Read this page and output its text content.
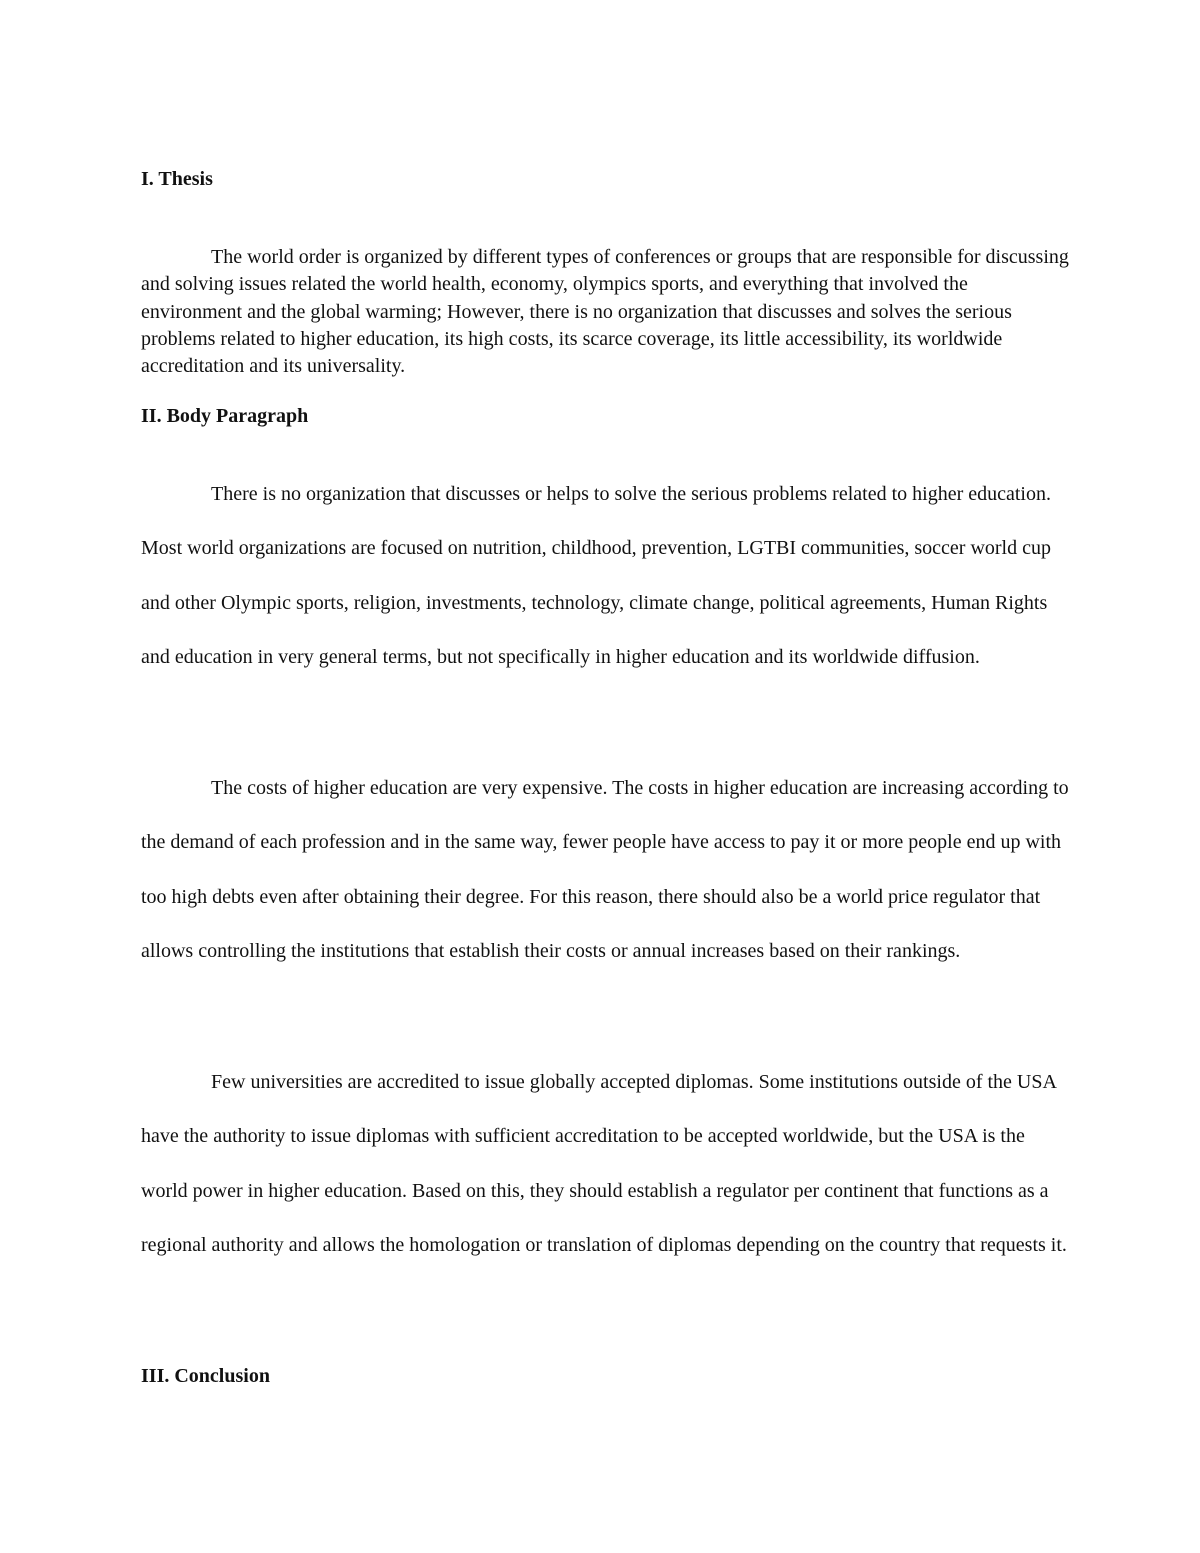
I. Thesis

The world order is organized by different types of conferences or groups that are responsible for discussing and solving issues related the world health, economy, olympics sports, and everything that involved the environment and the global warming; However, there is no organization that discusses and solves the serious problems related to higher education, its high costs, its scarce coverage, its little accessibility, its worldwide accreditation and its universality.

II. Body Paragraph

There is no organization that discusses or helps to solve the serious problems related to higher education. Most world organizations are focused on nutrition, childhood, prevention, LGTBI communities, soccer world cup and other Olympic sports, religion, investments, technology, climate change, political agreements, Human Rights and education in very general terms, but not specifically in higher education and its worldwide diffusion.

The costs of higher education are very expensive. The costs in higher education are increasing according to the demand of each profession and in the same way, fewer people have access to pay it or more people end up with too high debts even after obtaining their degree. For this reason, there should also be a world price regulator that allows controlling the institutions that establish their costs or annual increases based on their rankings.

Few universities are accredited to issue globally accepted diplomas. Some institutions outside of the USA have the authority to issue diplomas with sufficient accreditation to be accepted worldwide, but the USA is the world power in higher education. Based on this, they should establish a regulator per continent that functions as a regional authority and allows the homologation or translation of diplomas depending on the country that requests it.

III. Conclusion
